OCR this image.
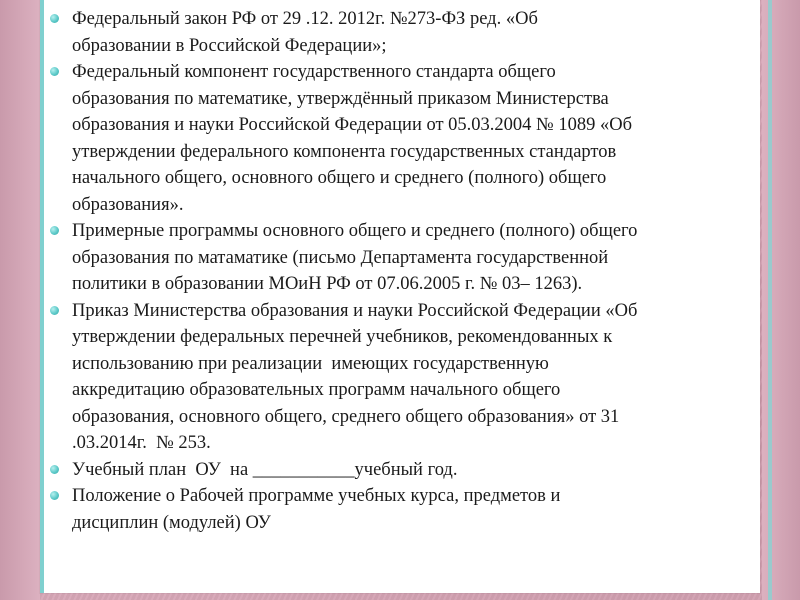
Федеральный закон РФ от 29 .12. 2012г. №273-ФЗ ред. «Об
образовании в Российской Федерации»;
Федеральный компонент государственного стандарта общего
образования по математике, утверждённый приказом Министерства
образования и науки Российской Федерации от 05.03.2004 № 1089 «Об
утверждении федерального компонента государственных стандартов
начального общего, основного общего и среднего (полного) общего
образования».
Примерные программы основного общего и среднего (полного) общего
образования по матаматике (письмо Департамента государственной
политики в образовании МОиН РФ от 07.06.2005 г. № 03– 1263).
Приказ Министерства образования и науки Российской Федерации «Об
утверждении федеральных перечней учебников, рекомендованных к
использованию при реализации  имеющих государственную
аккредитацию образовательных программ начального общего
образования, основного общего, среднего общего образования» от 31
.03.2014г.  № 253.
Учебный план  ОУ  на ___________учебный год.
Положение о Рабочей программе учебных курса, предметов и
дисциплин (модулей) ОУ
